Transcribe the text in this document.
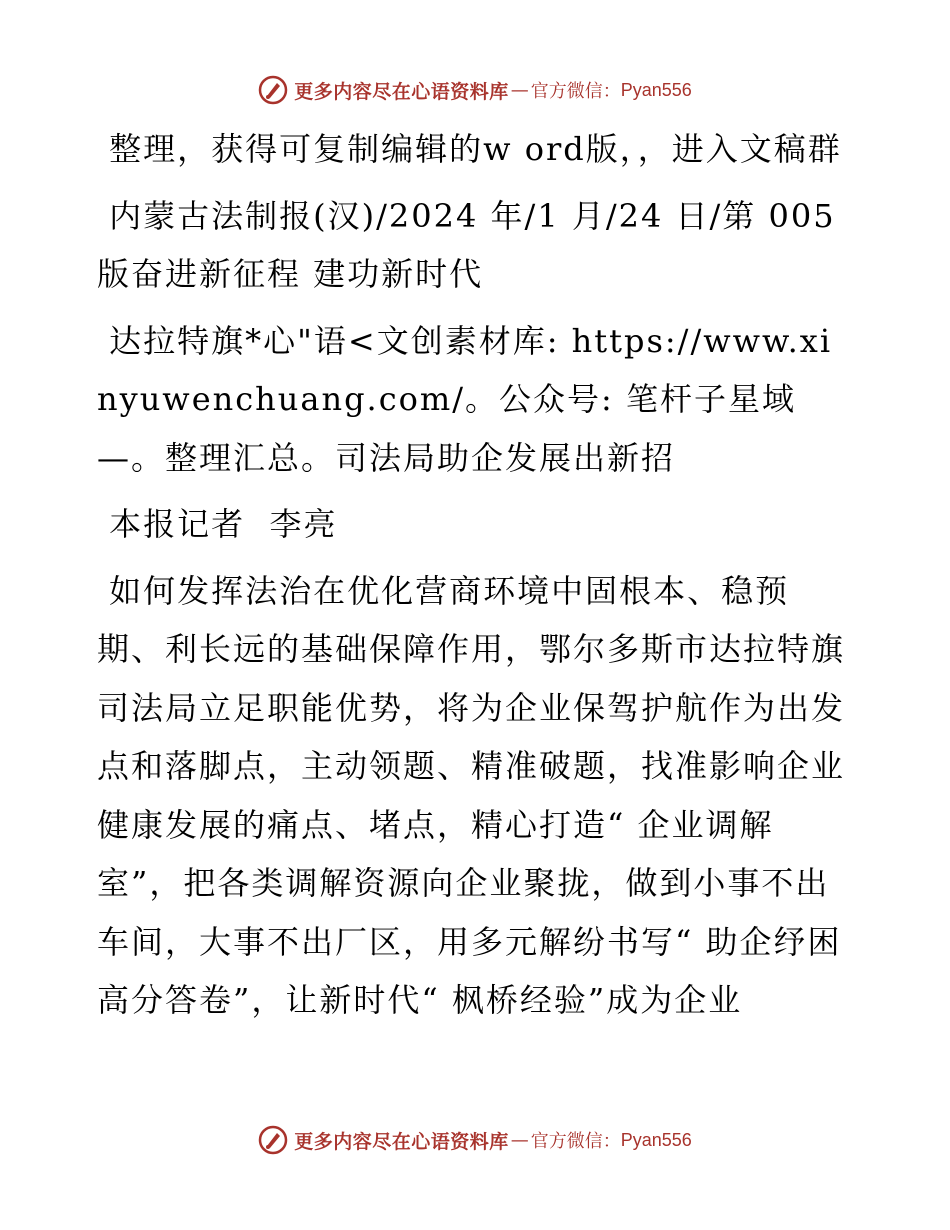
更多内容尽在心语资料库 — 官方微信： Pyan556

整理，获得可复制编辑的w ord版，，进入文稿群

内蒙古法制报(汉)/2024 年/1 月/24 日/第 005 版奋进新征程 建功新时代

达拉特旗*心"语<文创素材库: https://www.xinyuwenchuang.com/。公众号: 笔杆子星域—。整理汇总。司法局助企发展出新招

本报记者  李亮

如何发挥法治在优化营商环境中固根本、稳预期、利长远的基础保障作用，鄂尔多斯市达拉特旗司法局立足职能优势，将为企业保驾护航作为出发点和落脚点，主动领题、精准破题，找准影响企业健康发展的痛点、堵点，精心打造“ 企业调解室”，把各类调解资源向企业聚拢，做到小事不出车间，大事不出厂区，用多元解纷书写“ 助企纾困高分答卷”，让新时代“ 枫桥经验”成为企业

更多内容尽在心语资料库 — 官方微信： Pyan556
